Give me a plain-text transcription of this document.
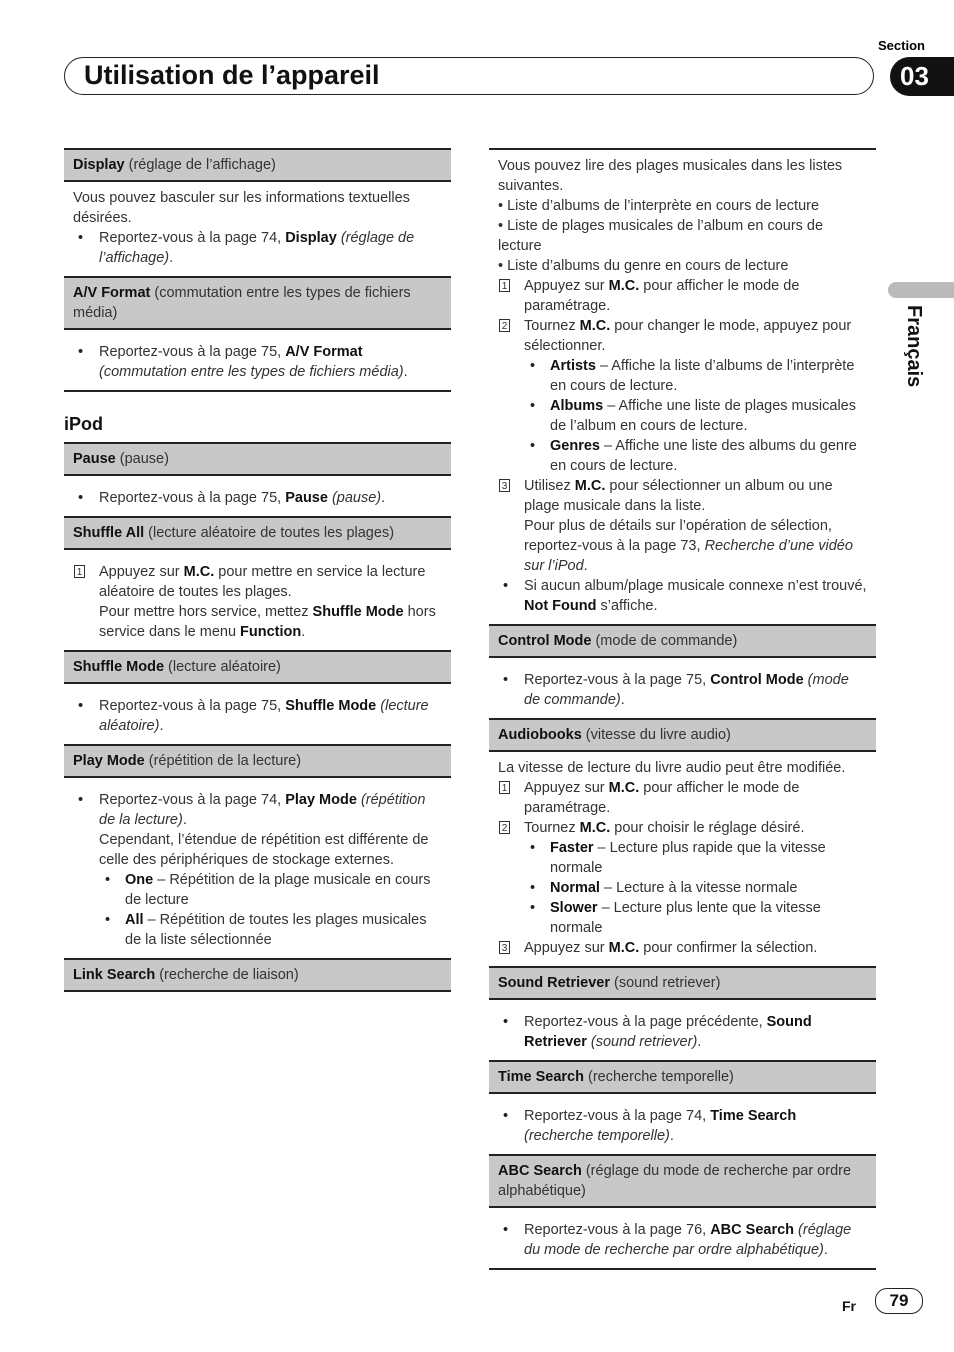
Section
03
Utilisation de l’appareil
Français
Display (réglage de l’affichage)
Vous pouvez basculer sur les informations textuelles désirées.
• Reportez-vous à la page 74, Display (réglage de l’affichage).
A/V Format (commutation entre les types de fichiers média)
• Reportez-vous à la page 75, A/V Format (commutation entre les types de fichiers média).
iPod
Pause (pause)
• Reportez-vous à la page 75, Pause (pause).
Shuffle All (lecture aléatoire de toutes les plages)
1 Appuyez sur M.C. pour mettre en service la lecture aléatoire de toutes les plages.
Pour mettre hors service, mettez Shuffle Mode hors service dans le menu Function.
Shuffle Mode (lecture aléatoire)
• Reportez-vous à la page 75, Shuffle Mode (lecture aléatoire).
Play Mode (répétition de la lecture)
• Reportez-vous à la page 74, Play Mode (répétition de la lecture).
Cependant, l’étendue de répétition est différente de celle des périphériques de stockage externes.
• One – Répétition de la plage musicale en cours de lecture
• All – Répétition de toutes les plages musicales de la liste sélectionnée
Link Search (recherche de liaison)
Vous pouvez lire des plages musicales dans les listes suivantes.
• Liste d’albums de l’interprète en cours de lecture
• Liste de plages musicales de l’album en cours de lecture
• Liste d’albums du genre en cours de lecture
1 Appuyez sur M.C. pour afficher le mode de paramétrage.
2 Tournez M.C. pour changer le mode, appuyez pour sélectionner.
• Artists – Affiche la liste d’albums de l’interprète en cours de lecture.
• Albums – Affiche une liste de plages musicales de l’album en cours de lecture.
• Genres – Affiche une liste des albums du genre en cours de lecture.
3 Utilisez M.C. pour sélectionner un album ou une plage musicale dans la liste.
Pour plus de détails sur l’opération de sélection, reportez-vous à la page 73, Recherche d’une vidéo sur l’iPod.
• Si aucun album/plage musicale connexe n’est trouvé, Not Found s’affiche.
Control Mode (mode de commande)
• Reportez-vous à la page 75, Control Mode (mode de commande).
Audiobooks (vitesse du livre audio)
La vitesse de lecture du livre audio peut être modifiée.
1 Appuyez sur M.C. pour afficher le mode de paramétrage.
2 Tournez M.C. pour choisir le réglage désiré.
• Faster – Lecture plus rapide que la vitesse normale
• Normal – Lecture à la vitesse normale
• Slower – Lecture plus lente que la vitesse normale
3 Appuyez sur M.C. pour confirmer la sélection.
Sound Retriever (sound retriever)
• Reportez-vous à la page précédente, Sound Retriever (sound retriever).
Time Search (recherche temporelle)
• Reportez-vous à la page 74, Time Search (recherche temporelle).
ABC Search (réglage du mode de recherche par ordre alphabétique)
• Reportez-vous à la page 76, ABC Search (réglage du mode de recherche par ordre alphabétique).
Fr	79
